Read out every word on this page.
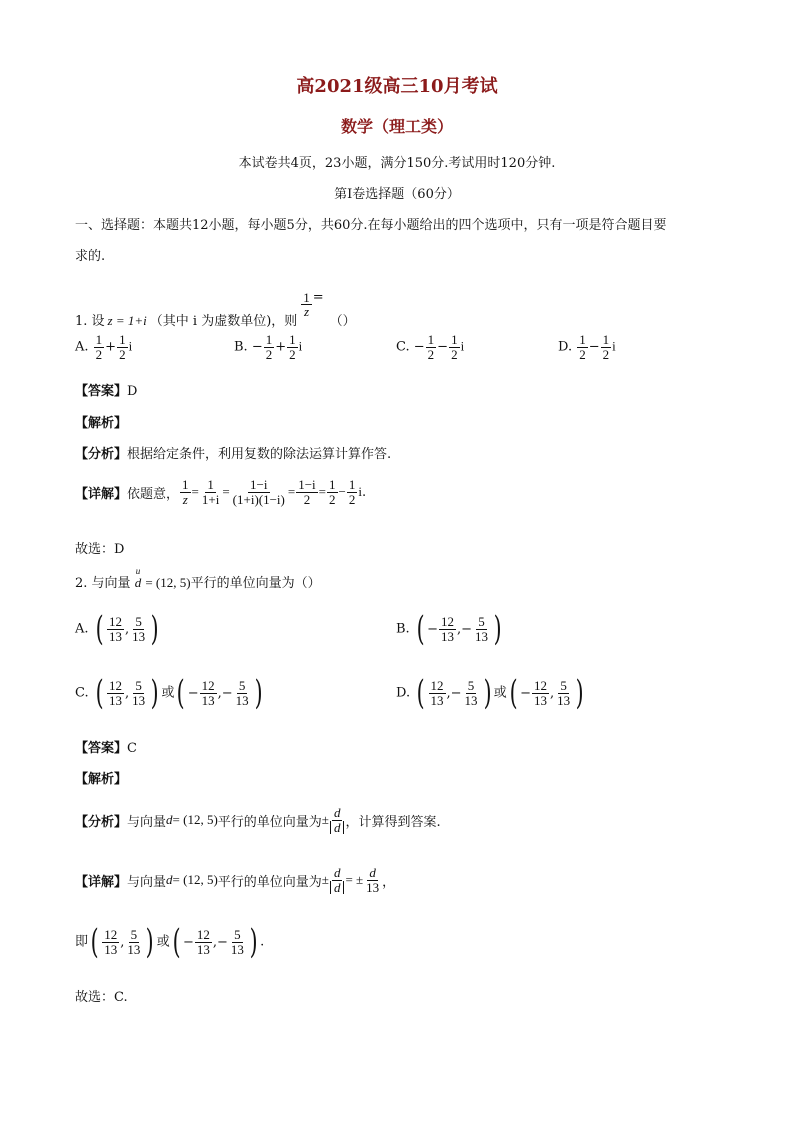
高2021级高三10月考试
数学（理工类）
本试卷共4页，23小题，满分150分.考试用时120分钟.
第I卷选择题（60分）
一、选择题：本题共12小题，每小题5分，共60分.在每小题给出的四个选项中，只有一项是符合题目要
求的.
1. 设 z = 1+i （其中 i 为虚数单位)，则
$\frac{1}{z}$ =
（）
A. $\frac{1}{2} + \frac{1}{2}$ i	B. − $\frac{1}{2} + \frac{1}{2}$ i	C. − $\frac{1}{2} - \frac{1}{2}$ i	D. $\frac{1}{2} - \frac{1}{2}$ i
【答案】D
【解析】
【分析】根据给定条件，利用复数的除法运算计算作答.
【详解】 依题意， $\frac{1}{z} = \frac{1}{1+i} = \frac{1-i}{(1+i)(1-i)} = \frac{1-i}{2} = \frac{1}{2} - \frac{1}{2}$ i .
故选：D
2. 与向量
u
d = (12, 5)平行的单位向量为（）
A. ( $\frac{12}{13}$ , $\frac{5}{13}$ )	B. ( − $\frac{12}{13}$ ,− $\frac{5}{13}$ )
C. ( $\frac{12}{13}$ , $\frac{5}{13}$ ) 或 ( − $\frac{12}{13}$ ,− $\frac{5}{13}$ )	D. ( $\frac{12}{13}$ ,− $\frac{5}{13}$ ) 或 ( − $\frac{12}{13}$ , $\frac{5}{13}$ )
【答案】C
【解析】
【分析】 与向量 d = (12, 5) 平行的单位向量为 ± $\frac{d}{d}$ ，计算得到答案.
【详解】 与向量 d = (12, 5) 平行的单位向量为 ± $\frac{d}{d}$ = ± $\frac{d}{13}$ ，
即 ( $\frac{12}{13}$ , $\frac{5}{13}$ ) 或 ( − $\frac{12}{13}$ ,− $\frac{5}{13}$ ) .
故选：C.
